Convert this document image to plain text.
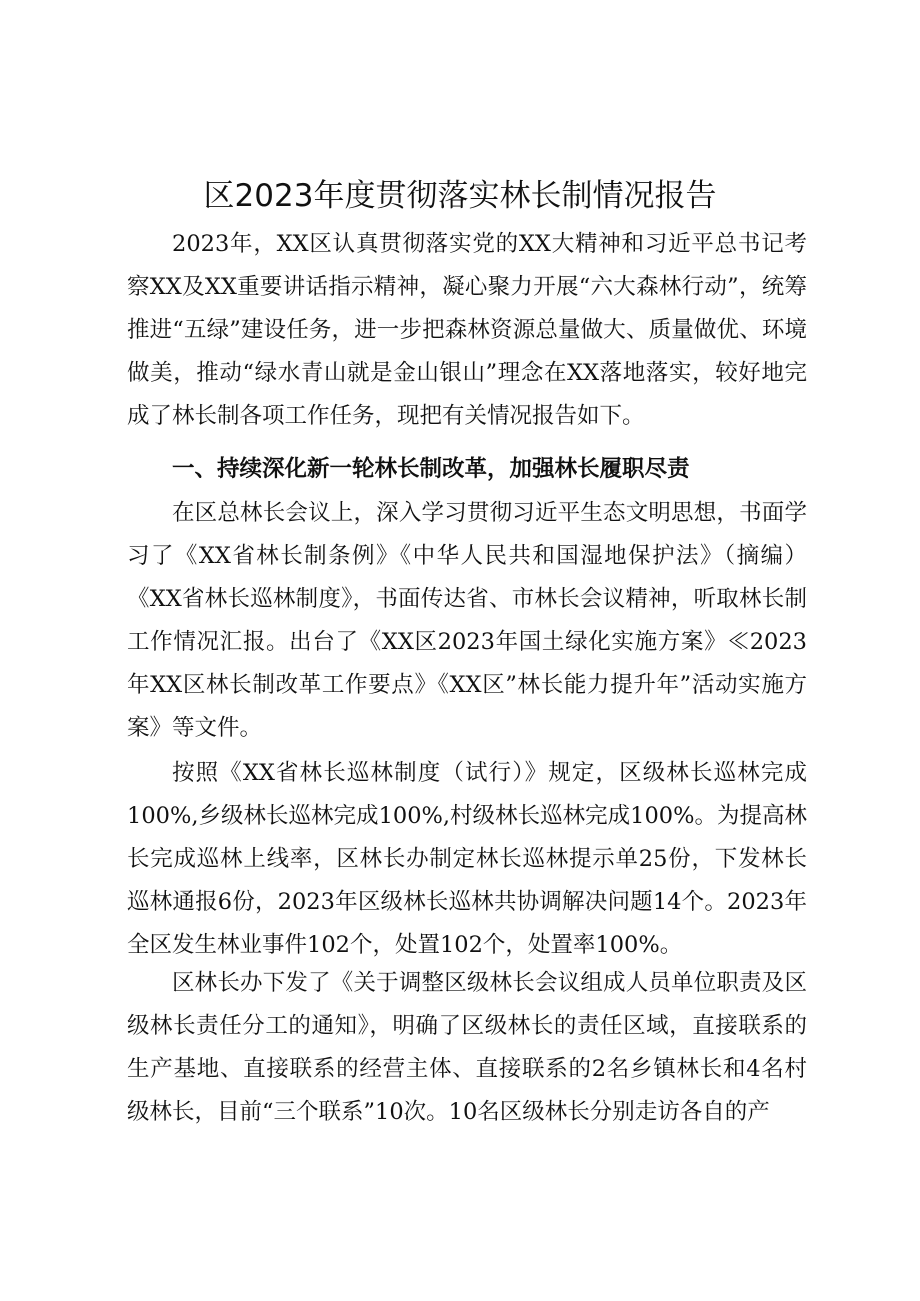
区2023年度贯彻落实林长制情况报告

2023年，XX区认真贯彻落实党的XX大精神和习近平总书记考察XX及XX重要讲话指示精神，凝心聚力开展“六大森林行动”，统筹推进“五绿”建设任务，进一步把森林资源总量做大、质量做优、环境做美，推动“绿水青山就是金山银山”理念在XX落地落实，较好地完成了林长制各项工作任务，现把有关情况报告如下。

一、持续深化新一轮林长制改革，加强林长履职尽责

在区总林长会议上，深入学习贯彻习近平生态文明思想，书面学习了《XX省林长制条例》《中华人民共和国湿地保护法》（摘编）《XX省林长巡林制度》，书面传达省、市林长会议精神，听取林长制工作情况汇报。出台了《XX区2023年国土绿化实施方案》≪2023年XX区林长制改革工作要点》《XX区”林长能力提升年”活动实施方案》等文件。

按照《XX省林长巡林制度（试行）》规定，区级林长巡林完成100%,乡级林长巡林完成100%,村级林长巡林完成100%。为提高林长完成巡林上线率，区林长办制定林长巡林提示单25份，下发林长巡林通报6份，2023年区级林长巡林共协调解决问题14个。2023年全区发生林业事件102个，处置102个，处置率100%。

区林长办下发了《关于调整区级林长会议组成人员单位职责及区级林长责任分工的通知》，明确了区级林长的责任区域，直接联系的生产基地、直接联系的经营主体、直接联系的2名乡镇林长和4名村级林长，目前“三个联系”10次。10名区级林长分别走访各自的产
